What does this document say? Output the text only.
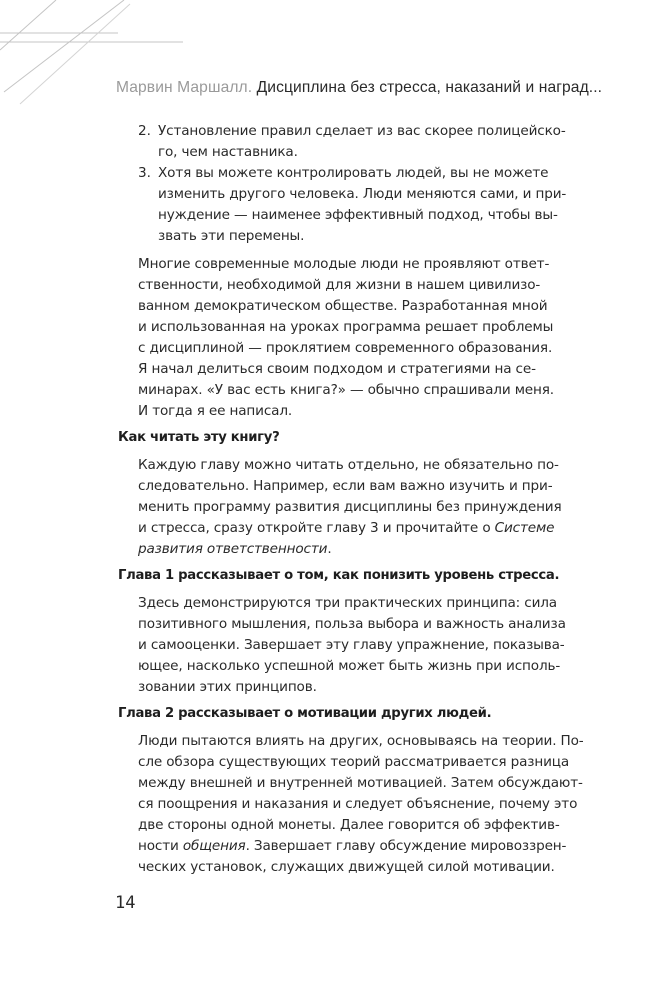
Марвин Маршалл. Дисциплина без стресса, наказаний и наград...
2. Установление правил сделает из вас скорее полицейско-
го, чем наставника.
3. Хотя вы можете контролировать людей, вы не можете
изменить другого человека. Люди меняются сами, и при-
нуждение — наименее эффективный подход, чтобы вы-
звать эти перемены.
Многие современные молодые люди не проявляют ответ-
ственности, необходимой для жизни в нашем цивилизо-
ванном демократическом обществе. Разработанная мной
и использованная на уроках программа решает проблемы
с дисциплиной — проклятием современного образования.
Я начал делиться своим подходом и стратегиями на се-
минарах. «У вас есть книга?» — обычно спрашивали меня.
И тогда я ее написал.
Как читать эту книгу?
Каждую главу можно читать отдельно, не обязательно по-
следовательно. Например, если вам важно изучить и при-
менить программу развития дисциплины без принуждения
и стресса, сразу откройте главу 3 и прочитайте о Системе
развития ответственности.
Глава 1 рассказывает о том, как понизить уровень стресса.
Здесь демонстрируются три практических принципа: сила
позитивного мышления, польза выбора и важность анализа
и самооценки. Завершает эту главу упражнение, показыва-
ющее, насколько успешной может быть жизнь при исполь-
зовании этих принципов.
Глава 2 рассказывает о мотивации других людей.
Люди пытаются влиять на других, основываясь на теории. По-
сле обзора существующих теорий рассматривается разница
между внешней и внутренней мотивацией. Затем обсуждают-
ся поощрения и наказания и следует объяснение, почему это
две стороны одной монеты. Далее говорится об эффектив-
ности общения. Завершает главу обсуждение мировоззрен-
ческих установок, служащих движущей силой мотивации.
14
